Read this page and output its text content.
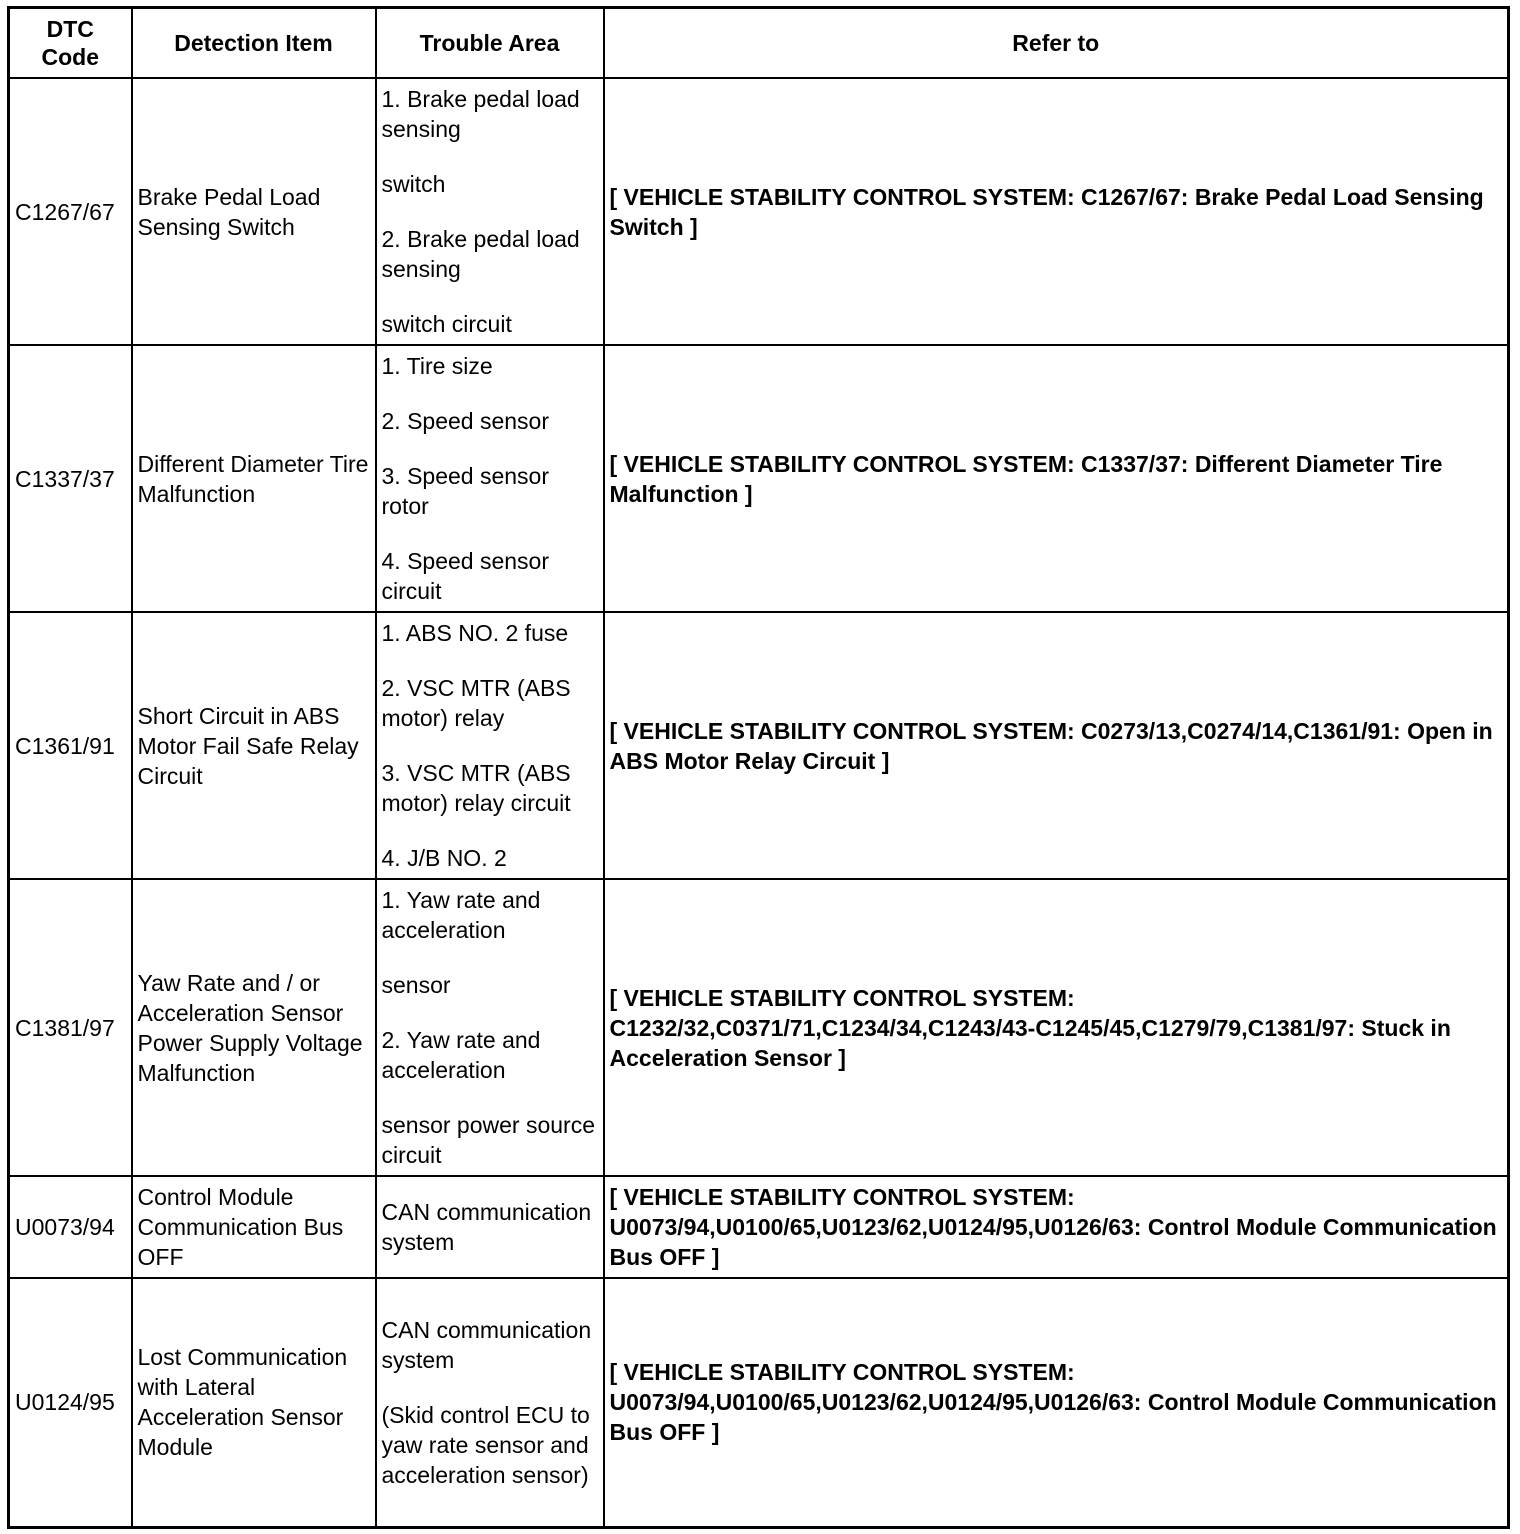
DTC Code	Detection Item	Trouble Area	Refer to
C1267/67	Brake Pedal Load Sensing Switch	1. Brake pedal load sensing

switch

2. Brake pedal load sensing

switch circuit	[ VEHICLE STABILITY CONTROL SYSTEM: C1267/67: Brake Pedal Load Sensing Switch ]
C1337/37	Different Diameter Tire Malfunction	1. Tire size

2. Speed sensor

3. Speed sensor rotor

4. Speed sensor circuit	[ VEHICLE STABILITY CONTROL SYSTEM: C1337/37: Different Diameter Tire Malfunction ]
C1361/91	Short Circuit in ABS Motor Fail Safe Relay Circuit	1. ABS NO. 2 fuse

2. VSC MTR (ABS motor) relay

3. VSC MTR (ABS motor) relay circuit

4. J/B NO. 2	[ VEHICLE STABILITY CONTROL SYSTEM: C0273/13,C0274/14,C1361/91: Open in ABS Motor Relay Circuit ]
C1381/97	Yaw Rate and / or Acceleration Sensor Power Supply Voltage Malfunction	1. Yaw rate and acceleration

sensor

2. Yaw rate and acceleration

sensor power source circuit	[ VEHICLE STABILITY CONTROL SYSTEM: C1232/32,C0371/71,C1234/34,C1243/43-C1245/45,C1279/79,C1381/97: Stuck in Acceleration Sensor ]
U0073/94	Control Module Communication Bus OFF	CAN communication system	[ VEHICLE STABILITY CONTROL SYSTEM: U0073/94,U0100/65,U0123/62,U0124/95,U0126/63: Control Module Communication Bus OFF ]
U0124/95	Lost Communication with Lateral Acceleration Sensor Module	CAN communication system

(Skid control ECU to yaw rate sensor and acceleration sensor)	[ VEHICLE STABILITY CONTROL SYSTEM: U0073/94,U0100/65,U0123/62,U0124/95,U0126/63: Control Module Communication Bus OFF ]
